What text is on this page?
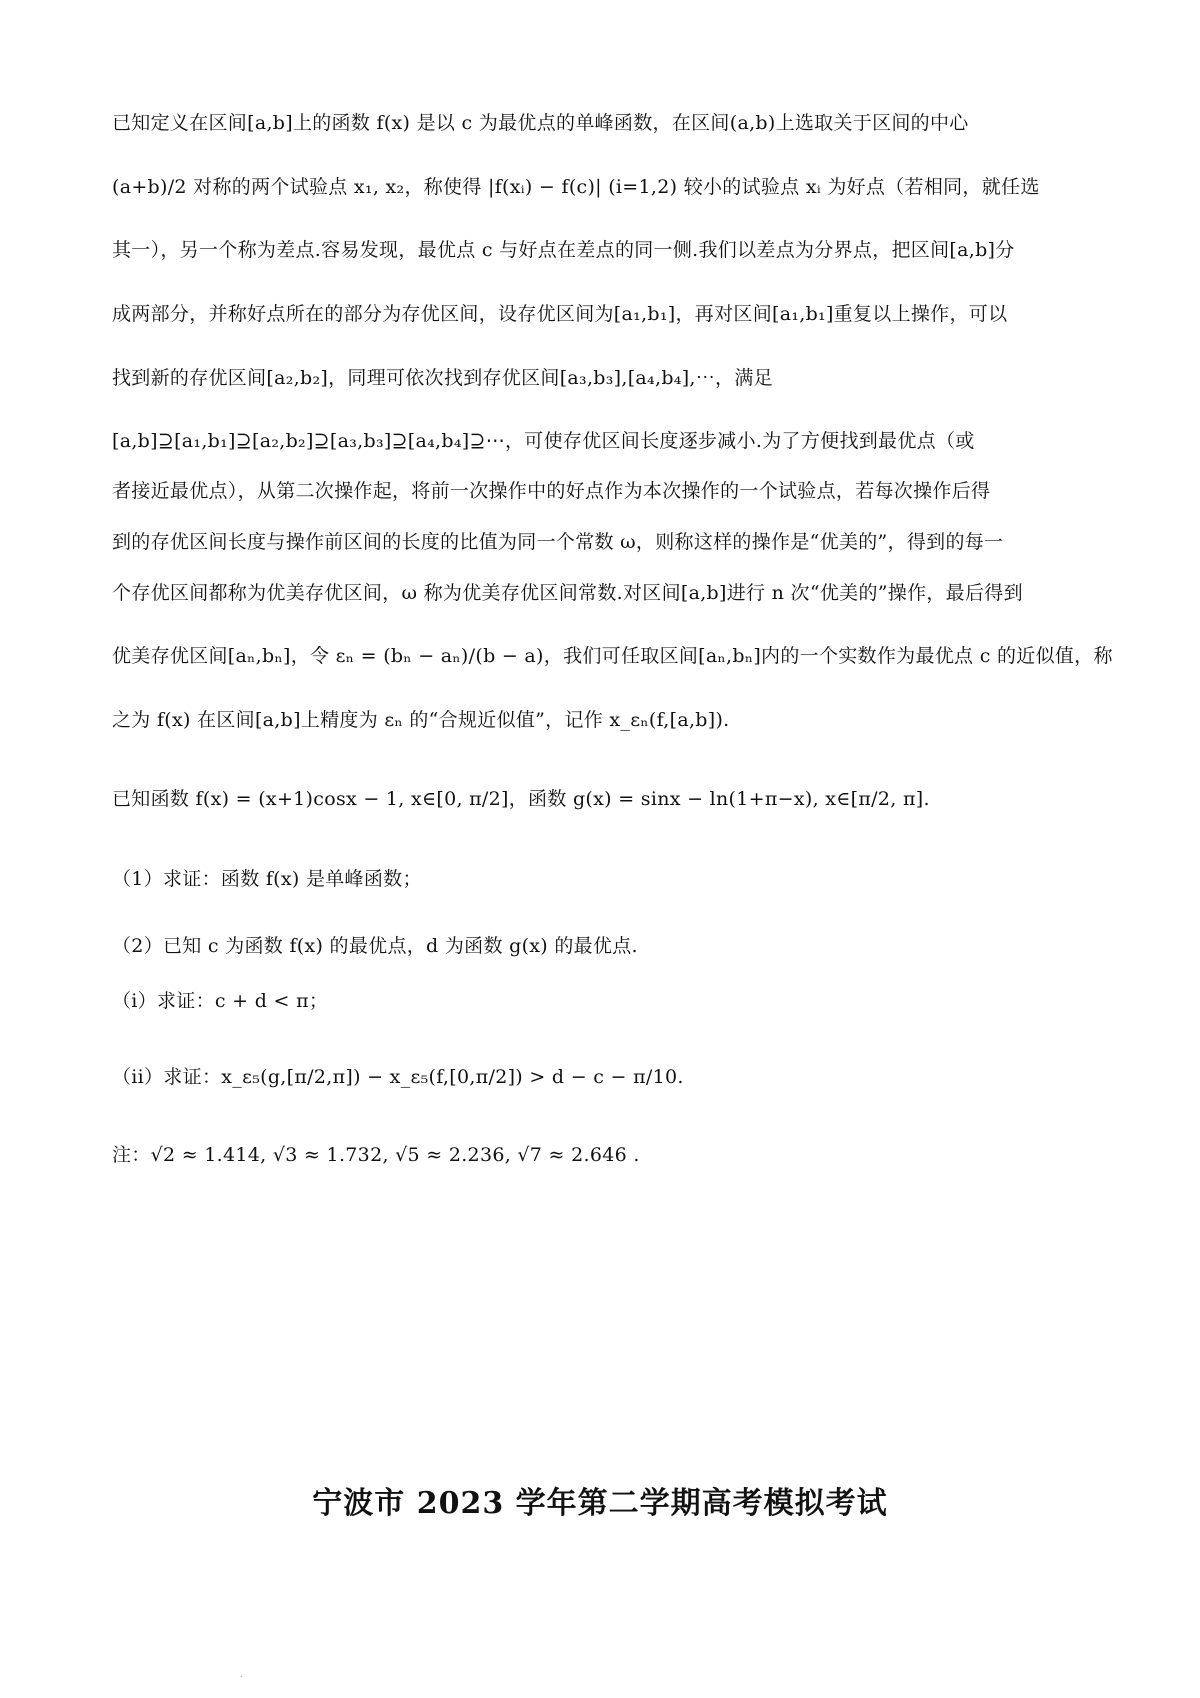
已知定义在区间[a,b]上的函数 f(x) 是以 c 为最优点的单峰函数，在区间(a,b)上选取关于区间的中心
(a+b)/2 对称的两个试验点 x₁, x₂，称使得 |f(xᵢ) − f(c)| (i=1,2) 较小的试验点 xᵢ 为好点（若相同，就任选
其一），另一个称为差点.容易发现，最优点 c 与好点在差点的同一侧.我们以差点为分界点，把区间[a,b]分
成两部分，并称好点所在的部分为存优区间，设存优区间为[a₁,b₁]，再对区间[a₁,b₁]重复以上操作，可以
找到新的存优区间[a₂,b₂]，同理可依次找到存优区间[a₃,b₃],[a₄,b₄],⋯，满足
[a,b]⊇[a₁,b₁]⊇[a₂,b₂]⊇[a₃,b₃]⊇[a₄,b₄]⊇⋯，可使存优区间长度逐步减小.为了方便找到最优点（或
者接近最优点），从第二次操作起，将前一次操作中的好点作为本次操作的一个试验点，若每次操作后得
到的存优区间长度与操作前区间的长度的比值为同一个常数 ω，则称这样的操作是“优美的”，得到的每一
个存优区间都称为优美存优区间，ω 称为优美存优区间常数.对区间[a,b]进行 n 次“优美的”操作，最后得到
优美存优区间[aₙ,bₙ]，令 εₙ = (bₙ − aₙ)/(b − a)，我们可任取区间[aₙ,bₙ]内的一个实数作为最优点 c 的近似值，称
之为 f(x) 在区间[a,b]上精度为 εₙ 的“合规近似值”，记作 x_εₙ(f,[a,b]).
已知函数 f(x) = (x+1)cosx − 1, x∈[0, π/2]，函数 g(x) = sinx − ln(1+π−x), x∈[π/2, π].
（1）求证：函数 f(x) 是单峰函数；
（2）已知 c 为函数 f(x) 的最优点，d 为函数 g(x) 的最优点.
（i）求证：c + d < π；
（ii）求证：x_ε₅(g,[π/2,π]) − x_ε₅(f,[0,π/2]) > d − c − π/10.
注：√2 ≈ 1.414, √3 ≈ 1.732, √5 ≈ 2.236, √7 ≈ 2.646 .
宁波市 2023 学年第二学期高考模拟考试
.
